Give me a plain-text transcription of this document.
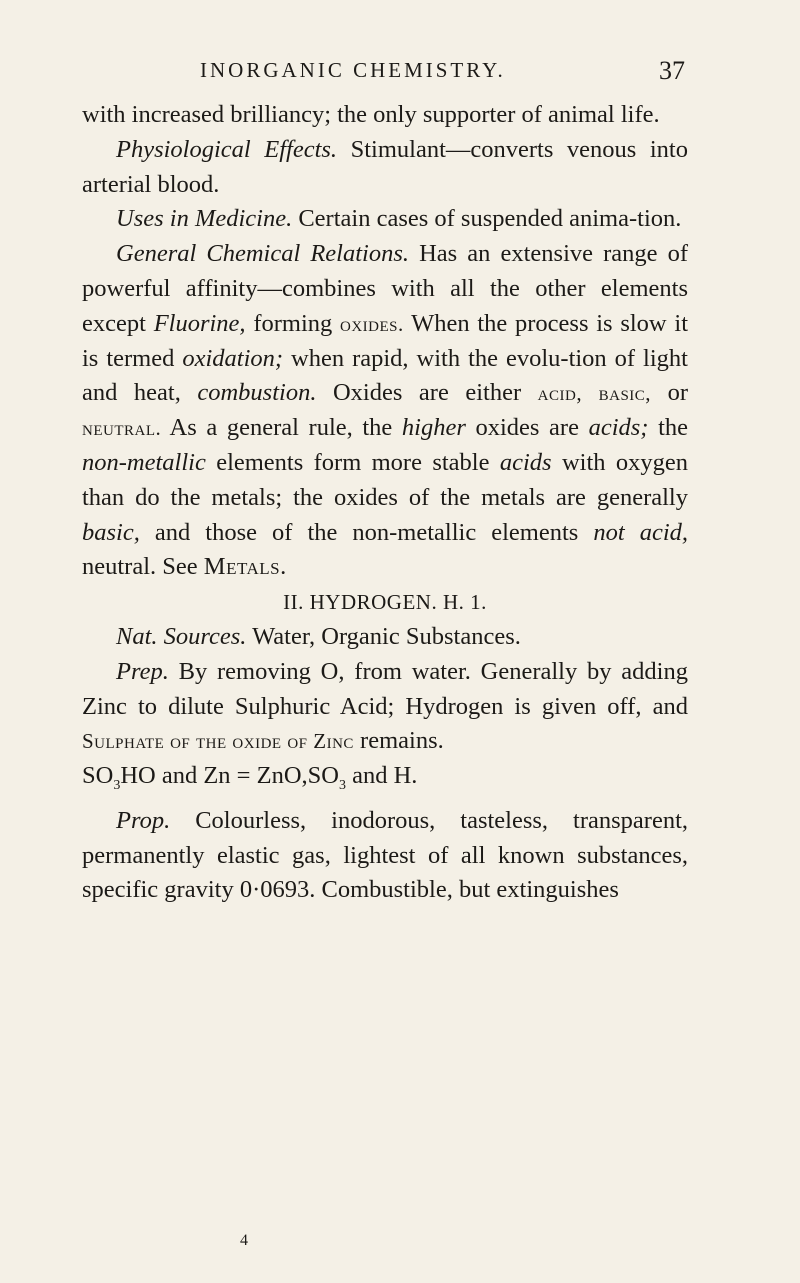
INORGANIC CHEMISTRY.	37

with increased brilliancy; the only supporter of animal life.

Physiological Effects. Stimulant—converts venous into arterial blood.

Uses in Medicine. Certain cases of suspended anima-tion.

General Chemical Relations. Has an extensive range of powerful affinity—combines with all the other elements except Fluorine, forming oxides. When the process is slow it is termed oxidation; when rapid, with the evolu-tion of light and heat, combustion. Oxides are either acid, basic, or neutral. As a general rule, the higher oxides are acids; the non-metallic elements form more stable acids with oxygen than do the metals; the oxides of the metals are generally basic, and those of the non-metallic elements not acid, neutral. See Metals.

II. HYDROGEN. H. 1.

Nat. Sources. Water, Organic Substances.

Prep. By removing O, from water. Generally by adding Zinc to dilute Sulphuric Acid; Hydrogen is given off, and Sulphate of the oxide of Zinc remains.

$SO_3HO$ and $Zn = ZnO,SO_3$ and H.

Prop. Colourless, inodorous, tasteless, transparent, permanently elastic gas, lightest of all known substances, specific gravity 0·0693. Combustible, but extinguishes

4
